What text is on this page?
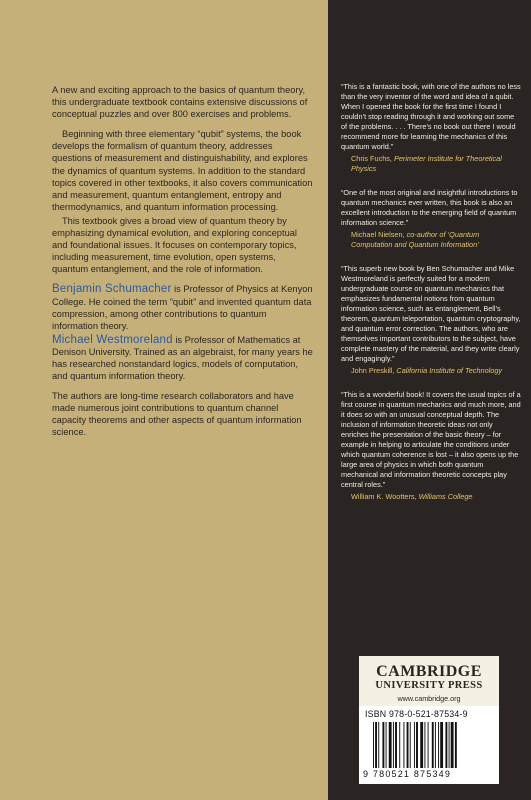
A new and exciting approach to the basics of quantum theory, this undergraduate textbook contains extensive discussions of conceptual puzzles and over 800 exercises and problems.

Beginning with three elementary “qubit” systems, the book develops the formalism of quantum theory, addresses questions of measurement and distinguishability, and explores the dynamics of quantum systems. In addition to the standard topics covered in other textbooks, it also covers communication and measurement, quantum entanglement, entropy and thermodynamics, and quantum information processing.

This textbook gives a broad view of quantum theory by emphasizing dynamical evolution, and exploring conceptual and foundational issues. It focuses on contemporary topics, including measurement, time evolution, open systems, quantum entanglement, and the role of information.

Benjamin Schumacher is Professor of Physics at Kenyon College. He coined the term “qubit” and invented quantum data compression, among other contributions to quantum information theory.

Michael Westmoreland is Professor of Mathematics at Denison University. Trained as an algebraist, for many years he has researched nonstandard logics, models of computation, and quantum information theory.

The authors are long-time research collaborators and have made numerous joint contributions to quantum channel capacity theorems and other aspects of quantum information science.

“This is a fantastic book, with one of the authors no less than the very inventor of the word and idea of a qubit. When I opened the book for the first time I found I couldn’t stop reading through it and working out some of the problems. . . . There’s no book out there I would recommend more for learning the mechanics of this quantum world.”

Chris Fuchs, Perimeter Institute for Theoretical Physics

“One of the most original and insightful introductions to quantum mechanics ever written, this book is also an excellent introduction to the emerging field of quantum information science.”

Michael Nielsen, co-author of ‘Quantum Computation and Quantum Information’

“This superb new book by Ben Schumacher and Mike Westmoreland is perfectly suited for a modern undergraduate course on quantum mechanics that emphasizes fundamental notions from quantum information science, such as entanglement, Bell’s theorem, quantum teleportation, quantum cryptography, and quantum error correction. The authors, who are themselves important contributors to the subject, have complete mastery of the material, and they write clearly and engagingly.”

John Preskill, California Institute of Technology

“This is a wonderful book! It covers the usual topics of a first course in quantum mechanics and much more, and it does so with an unusual conceptual depth. The inclusion of information theoretic ideas not only enriches the presentation of the basic theory – for example in helping to articulate the conditions under which quantum coherence is lost – it also opens up the large area of physics in which both quantum mechanical and information theoretic concepts play central roles.”

William K. Wootters, Williams College
CAMBRIDGE
UNIVERSITY PRESS
www.cambridge.org
ISBN 978-0-521-87534-9
9 780521 875349
